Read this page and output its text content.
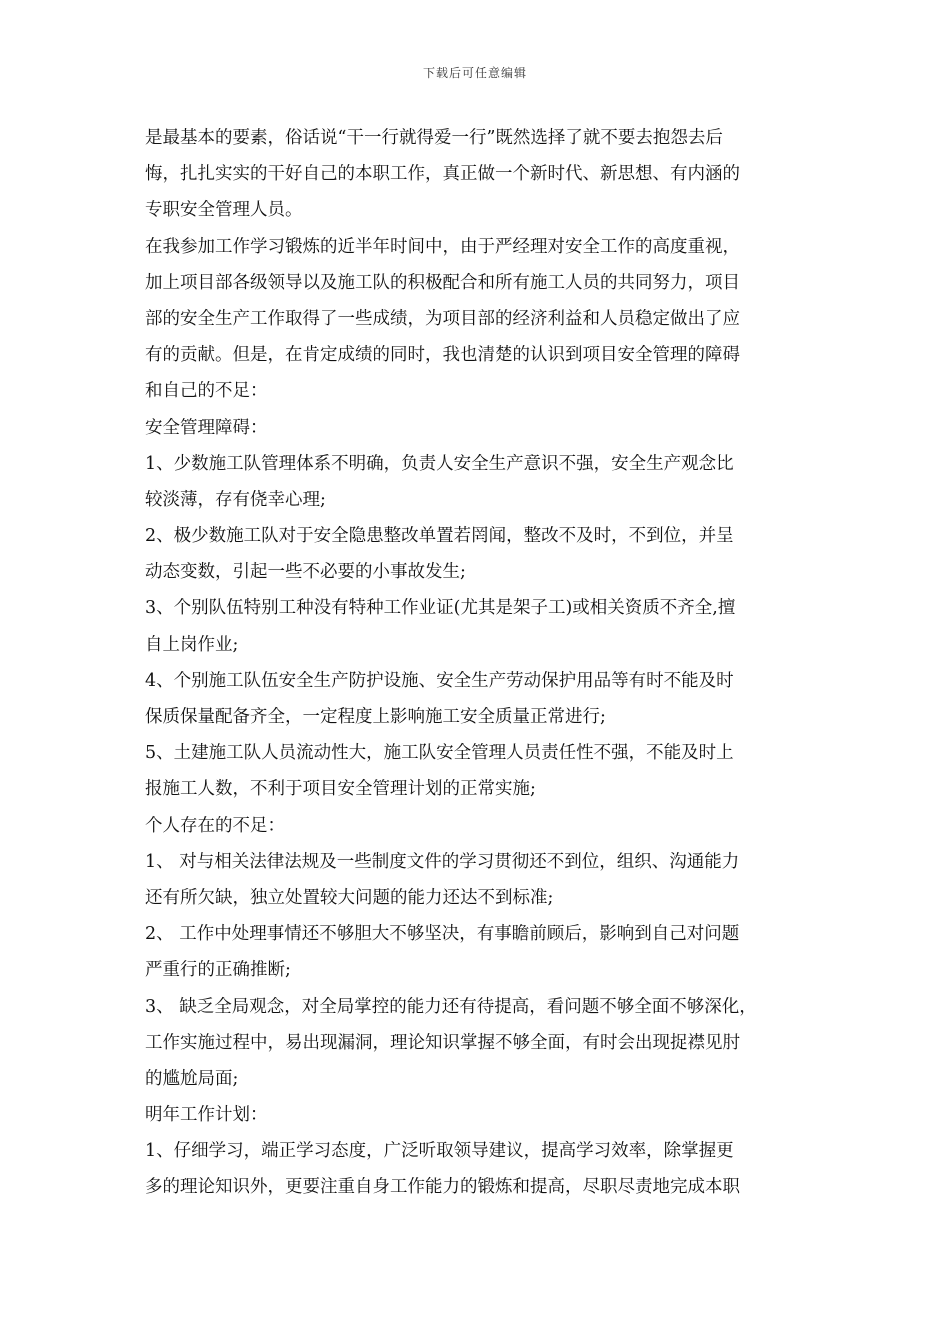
下载后可任意编辑
是最基本的要素，俗话说“干一行就得爱一行”既然选择了就不要去抱怨去后
悔，扎扎实实的干好自己的本职工作，真正做一个新时代、新思想、有内涵的
专职安全管理人员。
在我参加工作学习锻炼的近半年时间中，由于严经理对安全工作的高度重视，
加上项目部各级领导以及施工队的积极配合和所有施工人员的共同努力，项目
部的安全生产工作取得了一些成绩，为项目部的经济利益和人员稳定做出了应
有的贡献。但是，在肯定成绩的同时，我也清楚的认识到项目安全管理的障碍
和自己的不足：
安全管理障碍：
1、少数施工队管理体系不明确，负责人安全生产意识不强，安全生产观念比
较淡薄，存有侥幸心理;
2、极少数施工队对于安全隐患整改单置若罔闻，整改不及时，不到位，并呈
动态变数，引起一些不必要的小事故发生;
3、个别队伍特别工种没有特种工作业证(尤其是架子工)或相关资质不齐全,擅
自上岗作业;
4、个别施工队伍安全生产防护设施、安全生产劳动保护用品等有时不能及时
保质保量配备齐全，一定程度上影响施工安全质量正常进行;
5、土建施工队人员流动性大，施工队安全管理人员责任性不强，不能及时上
报施工人数，不利于项目安全管理计划的正常实施;
个人存在的不足：
1、 对与相关法律法规及一些制度文件的学习贯彻还不到位，组织、沟通能力
还有所欠缺，独立处置较大问题的能力还达不到标准;
2、 工作中处理事情还不够胆大不够坚决，有事瞻前顾后，影响到自己对问题
严重行的正确推断;
3、 缺乏全局观念，对全局掌控的能力还有待提高，看问题不够全面不够深化，
工作实施过程中，易出现漏洞，理论知识掌握不够全面，有时会出现捉襟见肘
的尴尬局面;
明年工作计划：
1、仔细学习，端正学习态度，广泛听取领导建议，提高学习效率，除掌握更
多的理论知识外，更要注重自身工作能力的锻炼和提高，尽职尽责地完成本职
